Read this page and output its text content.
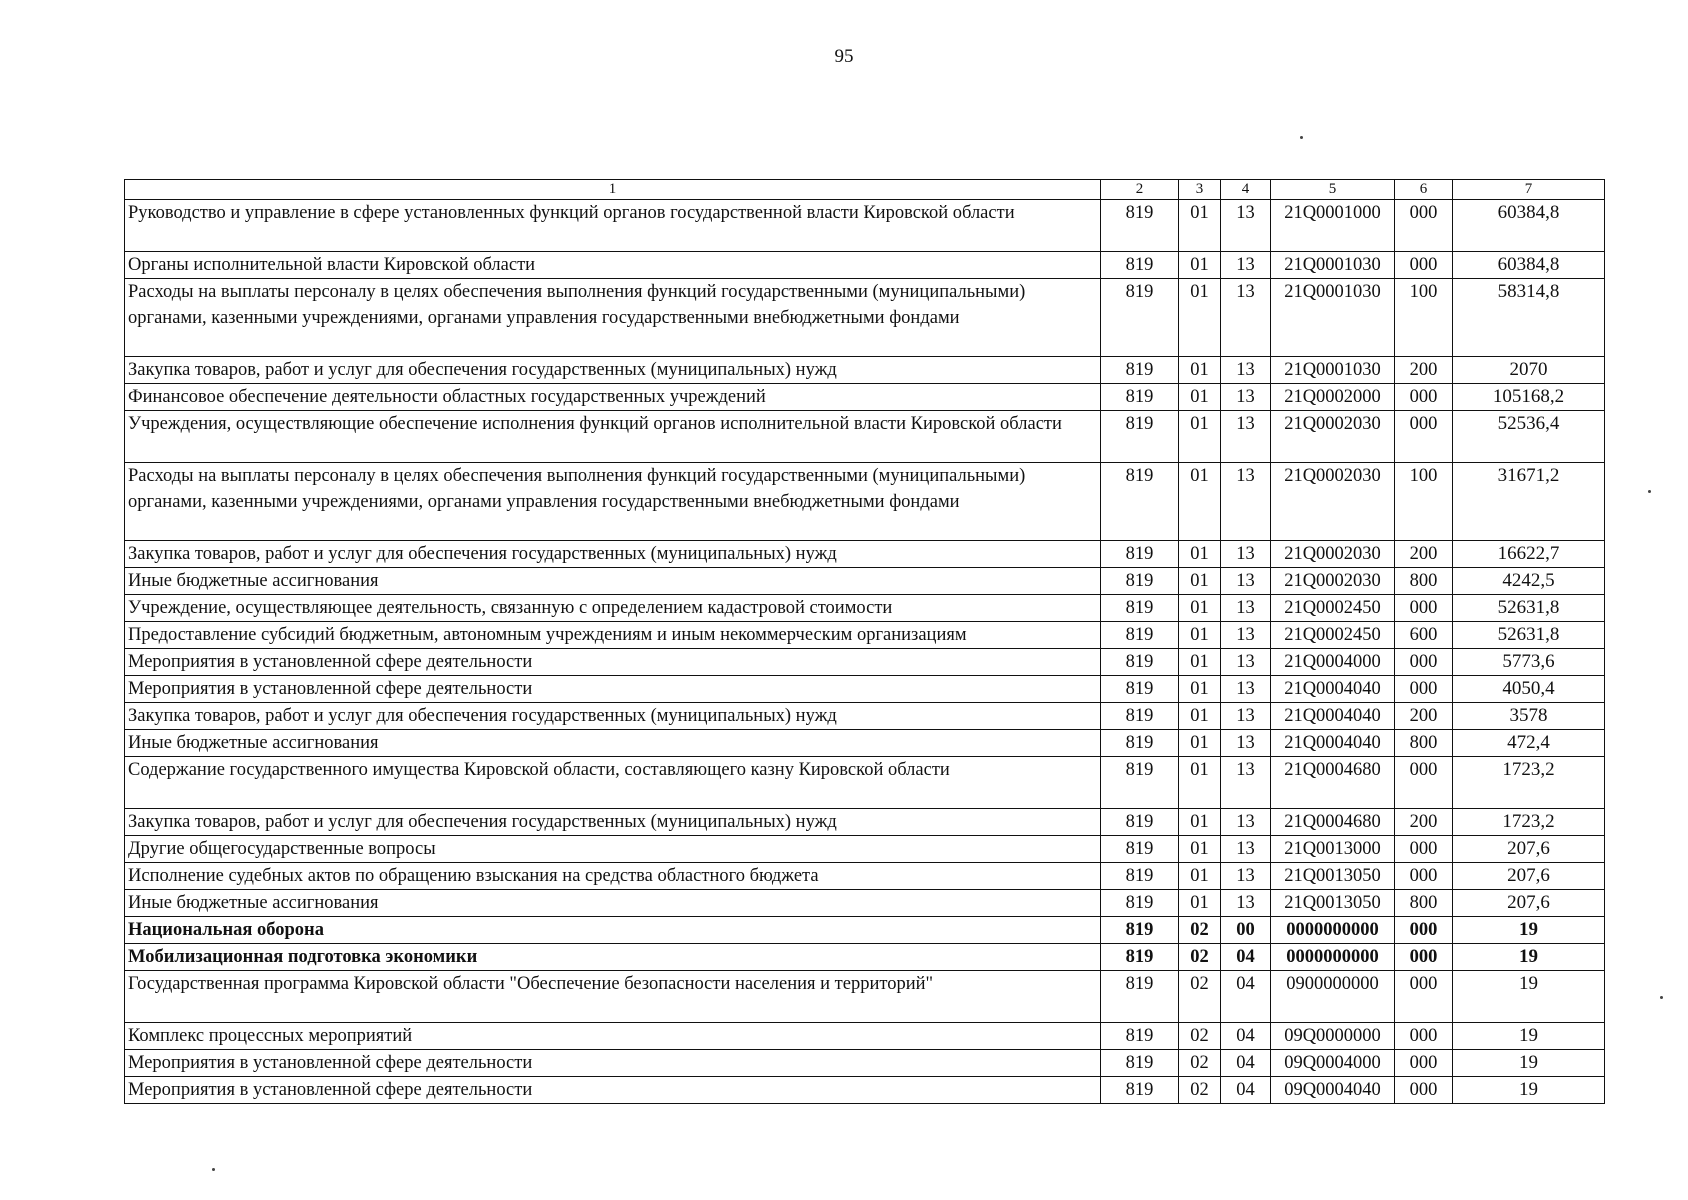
95
1	2	3	4	5	6	7
Руководство и управление в сфере установленных функций органов государственной власти Кировской области	819	01	13	21Q0001000	000	60384,8
Органы исполнительной власти Кировской области	819	01	13	21Q0001030	000	60384,8
Расходы на выплаты персоналу в целях обеспечения выполнения функций государственными (муниципальными) органами, казенными учреждениями, органами управления государственными внебюджетными фондами	819	01	13	21Q0001030	100	58314,8
Закупка товаров, работ и услуг для обеспечения государственных (муниципальных) нужд	819	01	13	21Q0001030	200	2070
Финансовое обеспечение деятельности областных государственных учреждений	819	01	13	21Q0002000	000	105168,2
Учреждения, осуществляющие обеспечение исполнения функций органов исполнительной власти Кировской области	819	01	13	21Q0002030	000	52536,4
Расходы на выплаты персоналу в целях обеспечения выполнения функций государственными (муниципальными) органами, казенными учреждениями, органами управления государственными внебюджетными фондами	819	01	13	21Q0002030	100	31671,2
Закупка товаров, работ и услуг для обеспечения государственных (муниципальных) нужд	819	01	13	21Q0002030	200	16622,7
Иные бюджетные ассигнования	819	01	13	21Q0002030	800	4242,5
Учреждение, осуществляющее деятельность, связанную с определением кадастровой стоимости	819	01	13	21Q0002450	000	52631,8
Предоставление субсидий бюджетным, автономным учреждениям и иным некоммерческим организациям	819	01	13	21Q0002450	600	52631,8
Мероприятия в установленной сфере деятельности	819	01	13	21Q0004000	000	5773,6
Мероприятия в установленной сфере деятельности	819	01	13	21Q0004040	000	4050,4
Закупка товаров, работ и услуг для обеспечения государственных (муниципальных) нужд	819	01	13	21Q0004040	200	3578
Иные бюджетные ассигнования	819	01	13	21Q0004040	800	472,4
Содержание государственного имущества Кировской области, составляющего казну Кировской области	819	01	13	21Q0004680	000	1723,2
Закупка товаров, работ и услуг для обеспечения государственных (муниципальных) нужд	819	01	13	21Q0004680	200	1723,2
Другие общегосударственные вопросы	819	01	13	21Q0013000	000	207,6
Исполнение судебных актов по обращению взыскания на средства областного бюджета	819	01	13	21Q0013050	000	207,6
Иные бюджетные ассигнования	819	01	13	21Q0013050	800	207,6
Национальная оборона	819	02	00	0000000000	000	19
Мобилизационная подготовка экономики	819	02	04	0000000000	000	19
Государственная программа Кировской области "Обеспечение безопасности населения и территорий"	819	02	04	0900000000	000	19
Комплекс процессных мероприятий	819	02	04	09Q0000000	000	19
Мероприятия в установленной сфере деятельности	819	02	04	09Q0004000	000	19
Мероприятия в установленной сфере деятельности	819	02	04	09Q0004040	000	19
